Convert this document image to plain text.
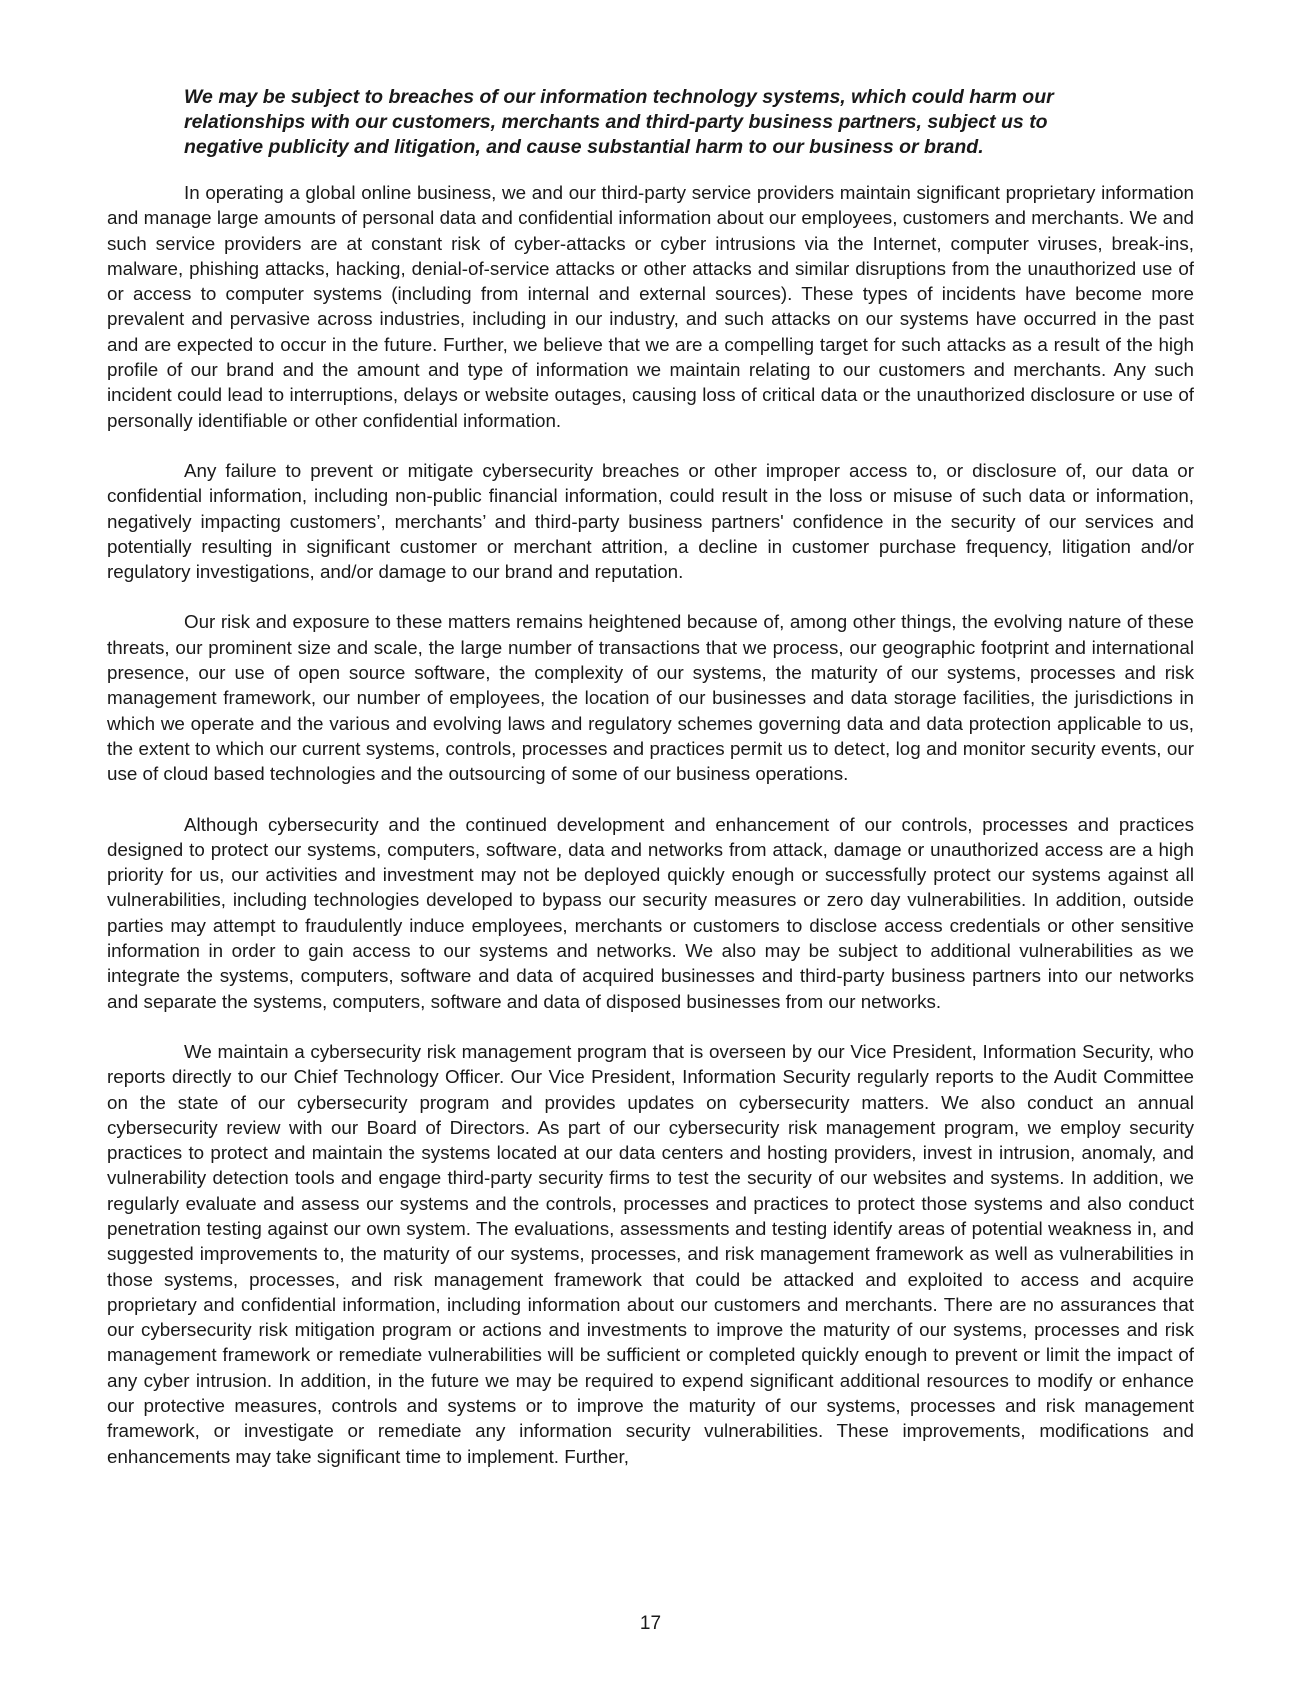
We may be subject to breaches of our information technology systems, which could harm our relationships with our customers, merchants and third-party business partners, subject us to negative publicity and litigation, and cause substantial harm to our business or brand.

In operating a global online business, we and our third-party service providers maintain significant proprietary information and manage large amounts of personal data and confidential information about our employees, customers and merchants. We and such service providers are at constant risk of cyber-attacks or cyber intrusions via the Internet, computer viruses, break-ins, malware, phishing attacks, hacking, denial-of-service attacks or other attacks and similar disruptions from the unauthorized use of or access to computer systems (including from internal and external sources). These types of incidents have become more prevalent and pervasive across industries, including in our industry, and such attacks on our systems have occurred in the past and are expected to occur in the future. Further, we believe that we are a compelling target for such attacks as a result of the high profile of our brand and the amount and type of information we maintain relating to our customers and merchants. Any such incident could lead to interruptions, delays or website outages, causing loss of critical data or the unauthorized disclosure or use of personally identifiable or other confidential information.

Any failure to prevent or mitigate cybersecurity breaches or other improper access to, or disclosure of, our data or confidential information, including non-public financial information, could result in the loss or misuse of such data or information, negatively impacting customers’, merchants’ and third-party business partners' confidence in the security of our services and potentially resulting in significant customer or merchant attrition, a decline in customer purchase frequency, litigation and/or regulatory investigations, and/or damage to our brand and reputation.

Our risk and exposure to these matters remains heightened because of, among other things, the evolving nature of these threats, our prominent size and scale, the large number of transactions that we process, our geographic footprint and international presence, our use of open source software, the complexity of our systems, the maturity of our systems, processes and risk management framework, our number of employees, the location of our businesses and data storage facilities, the jurisdictions in which we operate and the various and evolving laws and regulatory schemes governing data and data protection applicable to us, the extent to which our current systems, controls, processes and practices permit us to detect, log and monitor security events, our use of cloud based technologies and the outsourcing of some of our business operations.

Although cybersecurity and the continued development and enhancement of our controls, processes and practices designed to protect our systems, computers, software, data and networks from attack, damage or unauthorized access are a high priority for us, our activities and investment may not be deployed quickly enough or successfully protect our systems against all vulnerabilities, including technologies developed to bypass our security measures or zero day vulnerabilities. In addition, outside parties may attempt to fraudulently induce employees, merchants or customers to disclose access credentials or other sensitive information in order to gain access to our systems and networks. We also may be subject to additional vulnerabilities as we integrate the systems, computers, software and data of acquired businesses and third-party business partners into our networks and separate the systems, computers, software and data of disposed businesses from our networks.

We maintain a cybersecurity risk management program that is overseen by our Vice President, Information Security, who reports directly to our Chief Technology Officer. Our Vice President, Information Security regularly reports to the Audit Committee on the state of our cybersecurity program and provides updates on cybersecurity matters. We also conduct an annual cybersecurity review with our Board of Directors. As part of our cybersecurity risk management program, we employ security practices to protect and maintain the systems located at our data centers and hosting providers, invest in intrusion, anomaly, and vulnerability detection tools and engage third-party security firms to test the security of our websites and systems. In addition, we regularly evaluate and assess our systems and the controls, processes and practices to protect those systems and also conduct penetration testing against our own system. The evaluations, assessments and testing identify areas of potential weakness in, and suggested improvements to, the maturity of our systems, processes, and risk management framework as well as vulnerabilities in those systems, processes, and risk management framework that could be attacked and exploited to access and acquire proprietary and confidential information, including information about our customers and merchants. There are no assurances that our cybersecurity risk mitigation program or actions and investments to improve the maturity of our systems, processes and risk management framework or remediate vulnerabilities will be sufficient or completed quickly enough to prevent or limit the impact of any cyber intrusion. In addition, in the future we may be required to expend significant additional resources to modify or enhance our protective measures, controls and systems or to improve the maturity of our systems, processes and risk management framework, or investigate or remediate any information security vulnerabilities. These improvements, modifications and enhancements may take significant time to implement. Further,

17
